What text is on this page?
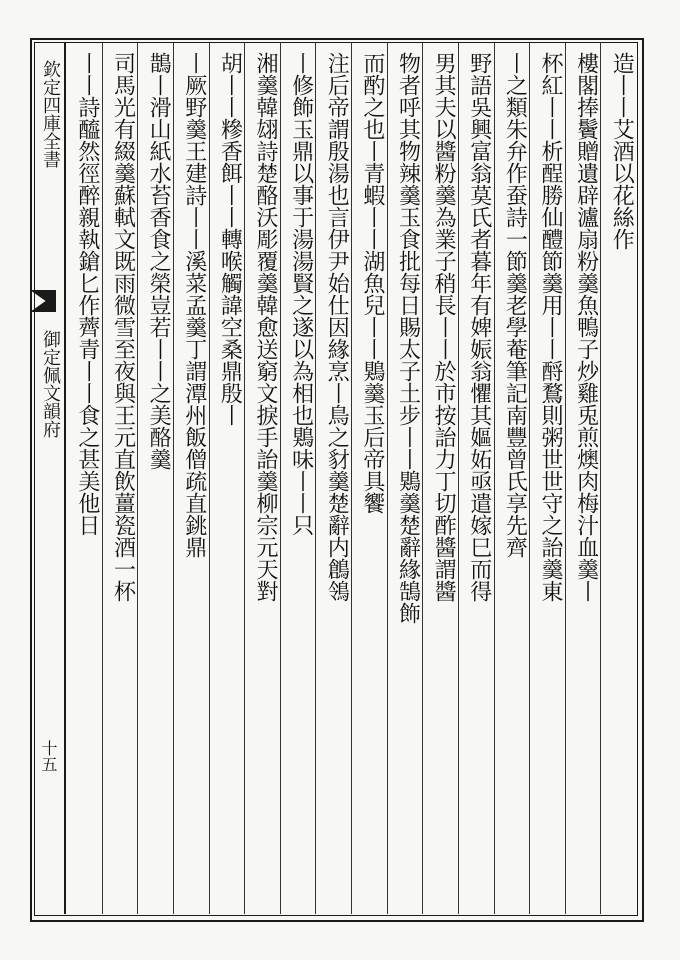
欽定四庫全書
御定佩文韻府
十五
造丨丨艾酒以花絲作
樓閣捧鬢贈遺辟瀘扇粉羹魚鴨子炒雞兎煎燠肉梅汁血羹丨
杯紅丨丨析酲勝仙醴節羹用丨丨酹鶩則粥世世守之詒羹東
丨之類朱弁作蚕詩一節羹老學菴筆記南豐曾氏享先齊
野語吳興富翁莫氏者暮年有婢娠翁懼其嫗妬亟遣嫁巳而得
男其夫以醬粉羹為業子稍長丨丨於市按詒力丁切酢醬謂醬
物者呼其物辣羹玉食批每日賜太子土步丨丨鶪羹楚辭緣鵠飾
而酌之也丨青蝦丨丨湖魚兒丨丨鶪羹玉后帝具饗
注后帝謂殷湯也言伊尹始仕因緣烹丨鳥之豺羹楚辭内鶬鴒
丨修飾玉鼎以事于湯湯賢之遂以為相也鶪味丨丨只
湘羹韓翃詩楚酪沃彫覆羹韓愈送窮文捩手詒羹柳宗元天對
胡丨丨糝香餌丨丨轉喉觸諱空桑鼎殷丨
丨厥野羹王建詩丨丨溪菜孟羹丁謂潭州飯僧疏直銚鼎
鵲丨滑山紙水苔香食之榮豈若丨丨之美酪羹
司馬光有綴羹蘇軾文既雨微雪至夜與王元直飲薑瓷酒一杯
丨丨詩醯然徑醉親執鎗匕作薺青丨丨食之甚美他日
